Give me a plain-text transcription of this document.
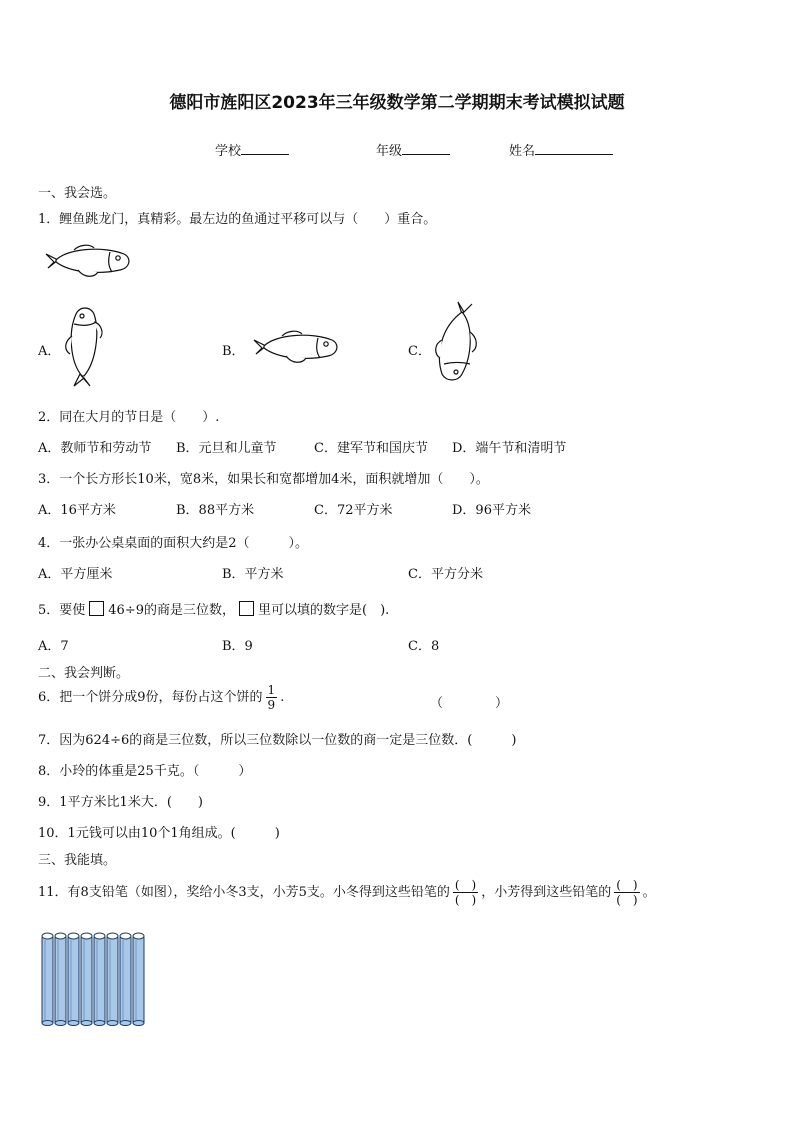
德阳市旌阳区2023年三年级数学第二学期期末考试模拟试题
学校	年级	姓名
一、我会选。
1．鲤鱼跳龙门，真精彩。最左边的鱼通过平移可以与（　　）重合。
A．	B．	C．
2．同在大月的节日是（　　）.
A．教师节和劳动节 B．元旦和儿童节	C．建军节和国庆节 D．端午节和清明节
3．一个长方形长10米，宽8米，如果长和宽都增加4米，面积就增加（　　）。
A．16平方米	B．88平方米	C．72平方米	D．96平方米
4．一张办公桌桌面的面积大约是2（　　　）。
A．平方厘米	B．平方米	C．平方分米
5．要使 46÷9的商是三位数， 里可以填的数字是(　).
A．7	B．9	C．8
二、我会判断。
6．把一个饼分成9份，每份占这个饼的 $\frac{1}{9}$ .	（　　　　）
7．因为624÷6的商是三位数，所以三位数除以一位数的商一定是三位数．(　　　)
8．小玲的体重是25千克。（　　　）
9．1平方米比1米大．(　　)
10．1元钱可以由10个1角组成。(　　　)
三、我能填。
11．有8支铅笔（如图），奖给小冬3支，小芳5支。小冬得到这些铅笔的 $\frac{( )}{( )}$ ，小芳得到这些铅笔的 $\frac{( )}{( )}$ 。
